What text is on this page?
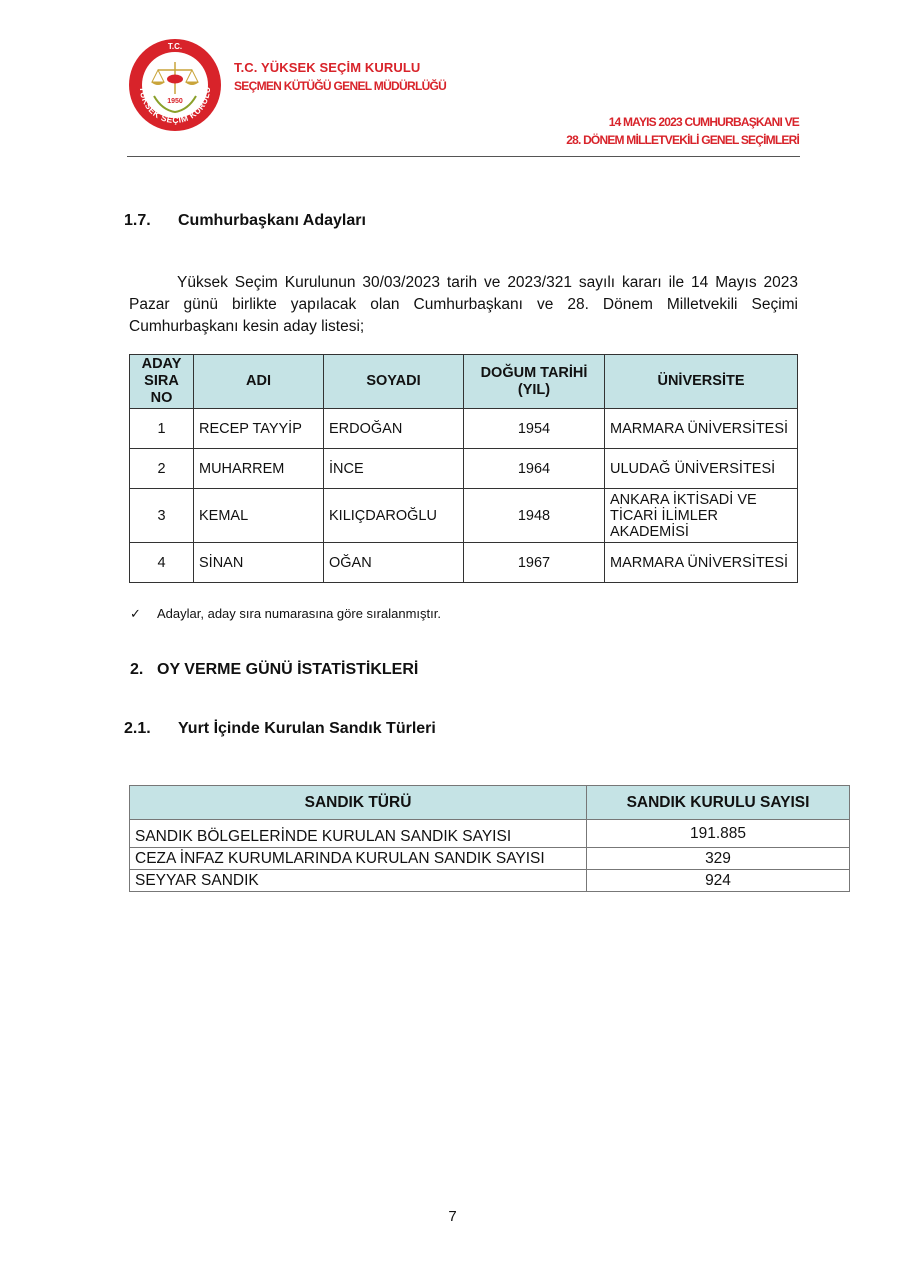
T.C.
YÜKSEK SEÇİM KURULU
1950
T.C. YÜKSEK SEÇİM KURULU
SEÇMEN KÜTÜĞÜ GENEL MÜDÜRLÜĞÜ
14 MAYIS 2023 CUMHURBAŞKANI VE
28. DÖNEM MİLLETVEKİLİ GENEL SEÇİMLERİ
1.7. Cumhurbaşkanı Adayları
Yüksek Seçim Kurulunun 30/03/2023 tarih ve 2023/321 sayılı kararı ile 14 Mayıs 2023 Pazar günü birlikte yapılacak olan Cumhurbaşkanı ve 28. Dönem Milletvekili Seçimi Cumhurbaşkanı kesin aday listesi;
ADAY SIRA NO	ADI	SOYADI	DOĞUM TARİHİ (YIL)	ÜNİVERSİTE
1	RECEP TAYYİP	ERDOĞAN	1954	MARMARA ÜNİVERSİTESİ
2	MUHARREM	İNCE	1964	ULUDAĞ ÜNİVERSİTESİ
3	KEMAL	KILIÇDAROĞLU	1948	ANKARA İKTİSADİ VE TİCARİ İLİMLER AKADEMİSİ
4	SİNAN	OĞAN	1967	MARMARA ÜNİVERSİTESİ
✓ Adaylar, aday sıra numarasına göre sıralanmıştır.
2. OY VERME GÜNÜ İSTATİSTİKLERİ
2.1. Yurt İçinde Kurulan Sandık Türleri
SANDIK TÜRÜ	SANDIK KURULU SAYISI
SANDIK BÖLGELERİNDE KURULAN SANDIK SAYISI	191.885
CEZA İNFAZ KURUMLARINDA KURULAN SANDIK SAYISI	329
SEYYAR SANDIK	924
7
